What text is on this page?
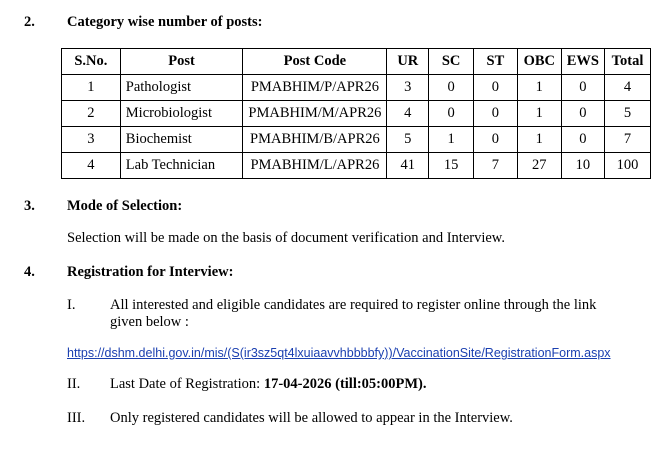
2. Category wise number of posts:
S.No.	Post	Post Code	UR	SC	ST	OBC	EWS	Total
1	Pathologist	PMABHIM/P/APR26	3	0	0	1	0	4
2	Microbiologist	PMABHIM/M/APR26	4	0	0	1	0	5
3	Biochemist	PMABHIM/B/APR26	5	1	0	1	0	7
4	Lab Technician	PMABHIM/L/APR26	41	15	7	27	10	100
3. Mode of Selection:
Selection will be made on the basis of document verification and Interview.
4. Registration for Interview:
I. All interested and eligible candidates are required to register online through the link
given below :
https://dshm.delhi.gov.in/mis/(S(ir3sz5qt4lxuiaavvhbbbbfy))/VaccinationSite/RegistrationForm.aspx
II. Last Date of Registration: 17-04-2026 (till:05:00PM).
III. Only registered candidates will be allowed to appear in the Interview.
